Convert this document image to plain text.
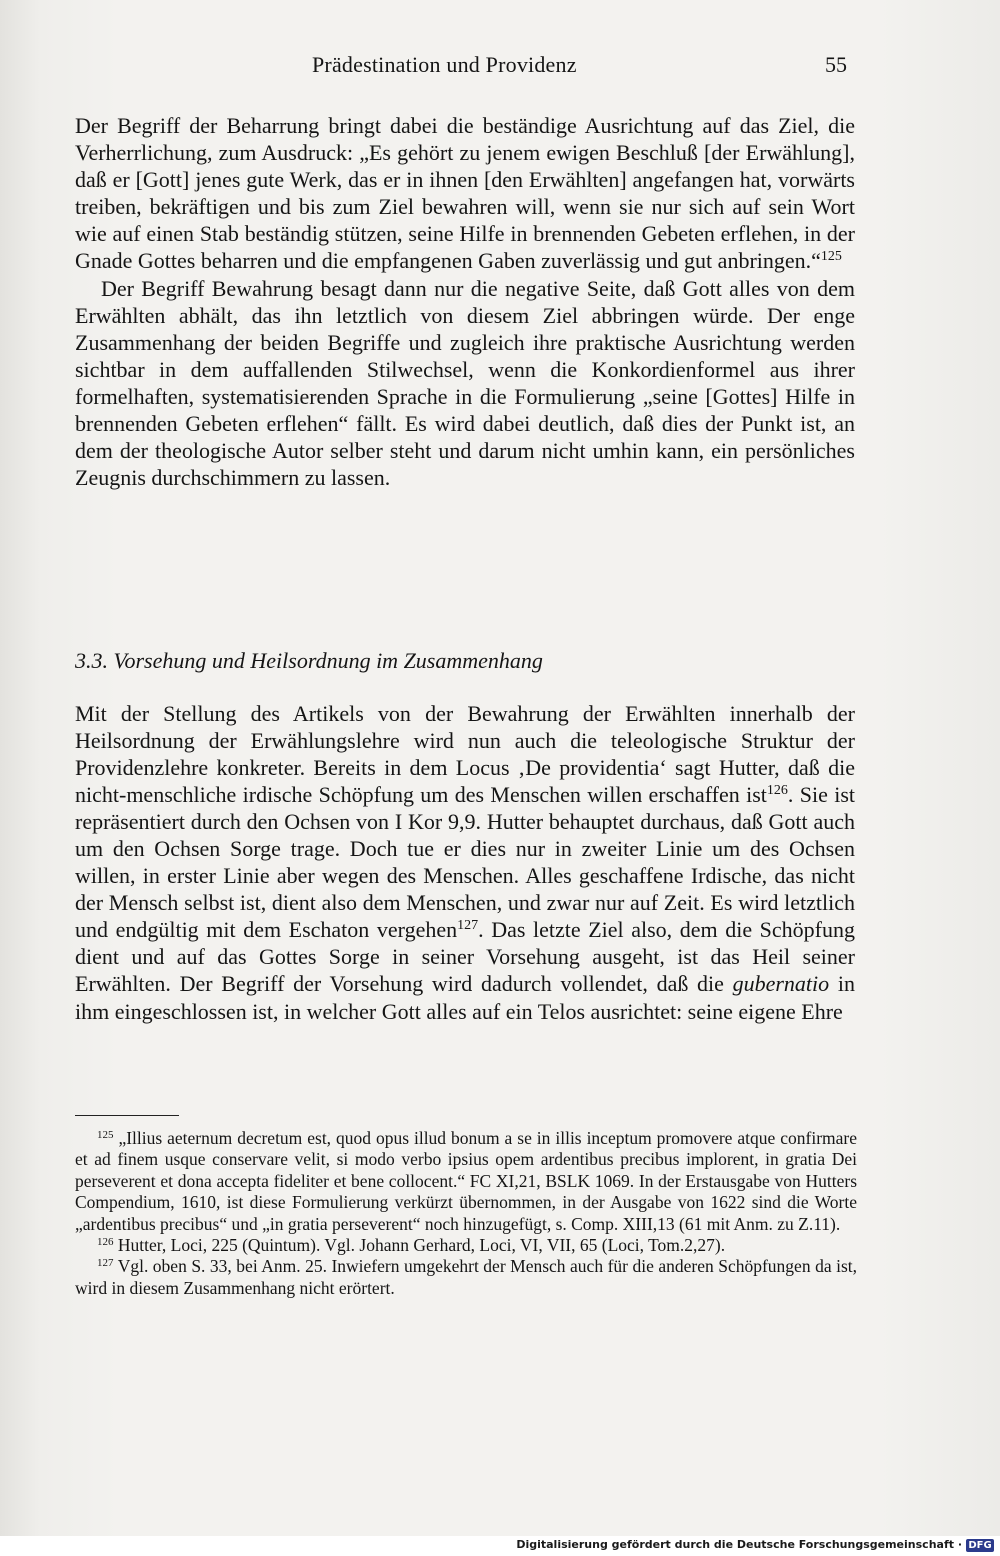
Prädestination und Providenz	55

Der Begriff der Beharrung bringt dabei die beständige Ausrichtung auf das Ziel, die Verherrlichung, zum Ausdruck: „Es gehört zu jenem ewigen Beschluß [der Erwählung], daß er [Gott] jenes gute Werk, das er in ihnen [den Erwählten] angefangen hat, vorwärts treiben, bekräftigen und bis zum Ziel bewahren will, wenn sie nur sich auf sein Wort wie auf einen Stab beständig stützen, seine Hilfe in brennenden Gebeten erflehen, in der Gnade Gottes beharren und die empfangenen Gaben zuverlässig und gut anbringen.“$^{125}$

Der Begriff Bewahrung besagt dann nur die negative Seite, daß Gott alles von dem Erwählten abhält, das ihn letztlich von diesem Ziel abbringen würde. Der enge Zusammenhang der beiden Begriffe und zugleich ihre praktische Ausrichtung werden sichtbar in dem auffallenden Stilwechsel, wenn die Konkordienformel aus ihrer formelhaften, systematisierenden Sprache in die Formulierung „seine [Gottes] Hilfe in brennenden Gebeten erflehen“ fällt. Es wird dabei deutlich, daß dies der Punkt ist, an dem der theologische Autor selber steht und darum nicht umhin kann, ein persönliches Zeugnis durchschimmern zu lassen.

3.3. Vorsehung und Heilsordnung im Zusammenhang

Mit der Stellung des Artikels von der Bewahrung der Erwählten innerhalb der Heilsordnung der Erwählungslehre wird nun auch die teleologische Struktur der Providenzlehre konkreter. Bereits in dem Locus ‚De providentia‘ sagt Hutter, daß die nicht-menschliche irdische Schöpfung um des Menschen willen erschaffen ist$^{126}$. Sie ist repräsentiert durch den Ochsen von I Kor 9,9. Hutter behauptet durchaus, daß Gott auch um den Ochsen Sorge trage. Doch tue er dies nur in zweiter Linie um des Ochsen willen, in erster Linie aber wegen des Menschen. Alles geschaffene Irdische, das nicht der Mensch selbst ist, dient also dem Menschen, und zwar nur auf Zeit. Es wird letztlich und endgültig mit dem Eschaton vergehen$^{127}$. Das letzte Ziel also, dem die Schöpfung dient und auf das Gottes Sorge in seiner Vorsehung ausgeht, ist das Heil seiner Erwählten. Der Begriff der Vorsehung wird dadurch vollendet, daß die gubernatio in ihm eingeschlossen ist, in welcher Gott alles auf ein Telos ausrichtet: seine eigene Ehre

$^{125}$ „Illius aeternum decretum est, quod opus illud bonum a se in illis inceptum promovere atque confirmare et ad finem usque conservare velit, si modo verbo ipsius opem ardentibus precibus implorent, in gratia Dei perseverent et dona accepta fideliter et bene collocent.“ FC XI,21, BSLK 1069. In der Erstausgabe von Hutters Compendium, 1610, ist diese Formulierung verkürzt übernommen, in der Ausgabe von 1622 sind die Worte „ardentibus precibus“ und „in gratia perseverent“ noch hinzugefügt, s. Comp. XIII,13 (61 mit Anm. zu Z.11).

$^{126}$ Hutter, Loci, 225 (Quintum). Vgl. Johann Gerhard, Loci, VI, VII, 65 (Loci, Tom.2,27).

$^{127}$ Vgl. oben S. 33, bei Anm. 25. Inwiefern umgekehrt der Mensch auch für die anderen Schöpfungen da ist, wird in diesem Zusammenhang nicht erörtert.

Digitalisierung gefördert durch die Deutsche Forschungsgemeinschaft · DFG
